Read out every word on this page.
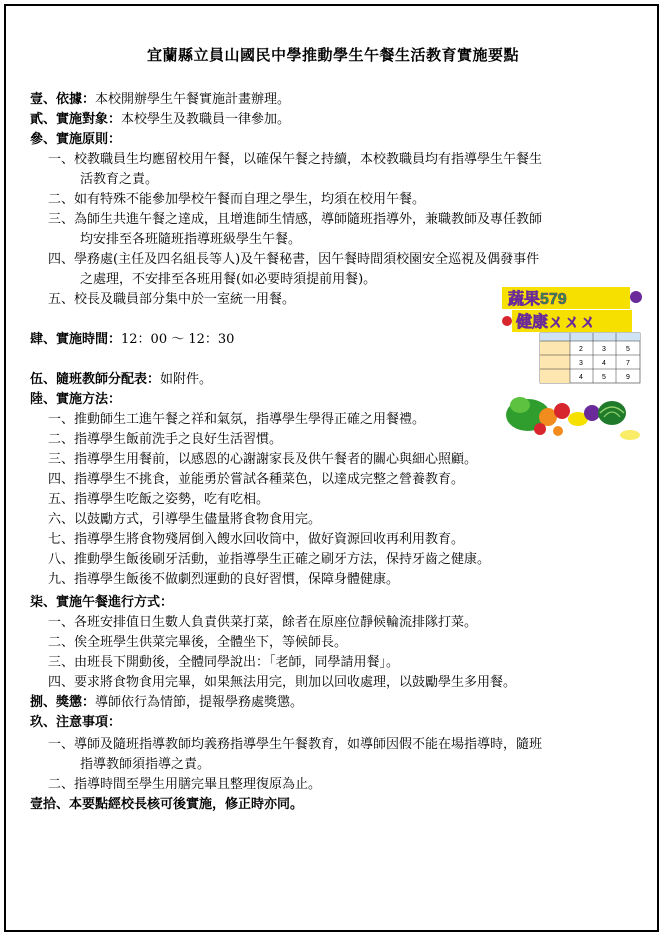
宜蘭縣立員山國民中學推動學生午餐生活教育實施要點
壹、依據：本校開辦學生午餐實施計畫辦理。
貳、實施對象：本校學生及教職員一律參加。
參、實施原則：
一、校教職員生均應留校用午餐，以確保午餐之持續，本校教職員均有指導學生午餐生
活教育之責。
二、如有特殊不能參加學校午餐而自理之學生，均須在校用午餐。
三、為師生共進午餐之達成，且增進師生情感，導師隨班指導外，兼職教師及專任教師
均安排至各班隨班指導班級學生午餐。
四、學務處(主任及四名組長等人)及午餐秘書，因午餐時間須校園安全巡視及偶發事件
之處理，不安排至各班用餐(如必要時須提前用餐)。
五、校長及職員部分集中於一室統一用餐。
肆、實施時間：12：00 ～ 12：30
伍、隨班教師分配表：如附件。
陸、實施方法：
一、推動師生工進午餐之祥和氣氛，指導學生學得正確之用餐禮。
二、指導學生飯前洗手之良好生活習慣。
三、指導學生用餐前，以感恩的心謝謝家長及供午餐者的關心與細心照顧。
四、指導學生不挑食，並能勇於嘗試各種菜色，以達成完整之營養教育。
五、指導學生吃飯之姿勢，吃有吃相。
六、以鼓勵方式，引導學生儘量將食物食用完。
七、指導學生將食物殘屑倒入餿水回收筒中，做好資源回收再利用教育。
八、推動學生飯後刷牙活動，並指導學生正確之刷牙方法，保持牙齒之健康。
九、指導學生飯後不做劇烈運動的良好習慣，保障身體健康。
柒、實施午餐進行方式：
一、各班安排值日生數人負責供菜打菜，餘者在原座位靜候輪流排隊打菜。
二、俟全班學生供菜完畢後，全體坐下，等候師長。
三、由班長下開動後，全體同學說出：「老師，同學請用餐」。
四、要求將食物食用完畢，如果無法用完，則加以回收處理，以鼓勵學生多用餐。
捌、獎懲：導師依行為情節，提報學務處獎懲。
玖、注意事項：
一、導師及隨班指導教師均義務指導學生午餐教育，如導師因假不能在場指導時，隨班
指導教師須指導之責。
二、指導時間至學生用膳完畢且整理復原為止。
壹拾、本要點經校長核可後實施，修正時亦同。
蔬果579
健康ㄨㄨㄨ
2	3	5
3	4	7
4	5	9
